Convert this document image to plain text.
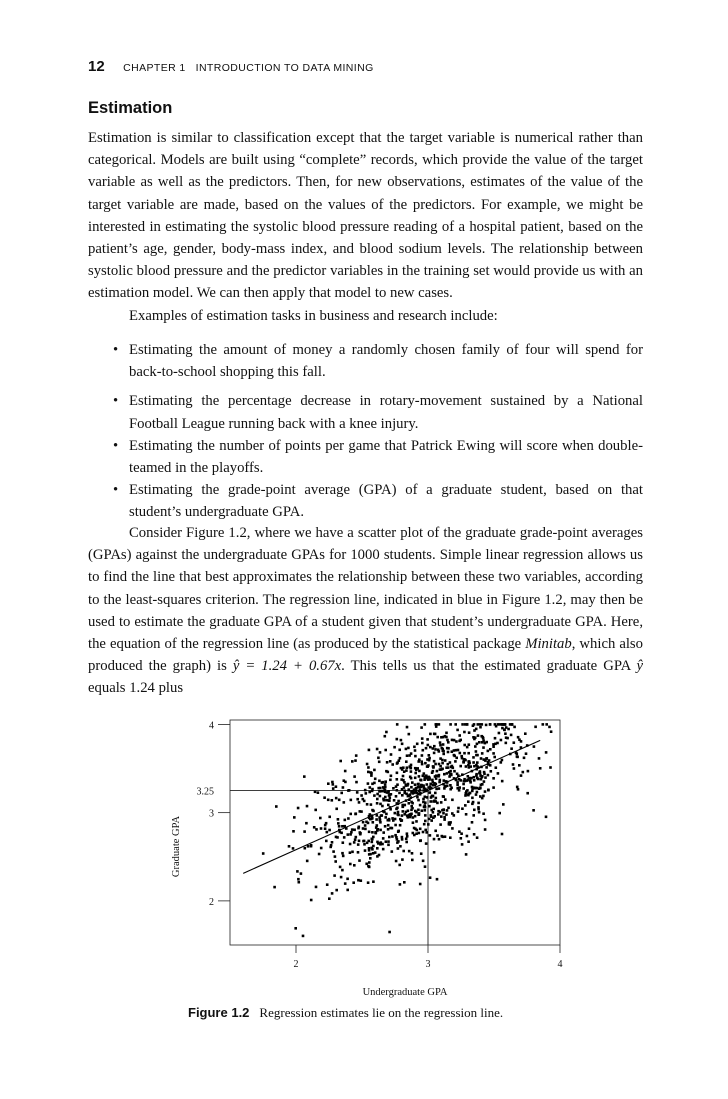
12 CHAPTER 1   INTRODUCTION TO DATA MINING
Estimation

Estimation is similar to classification except that the target variable is numerical rather than categorical. Models are built using “complete” records, which provide the value of the target variable as well as the predictors. Then, for new observations, estimates of the value of the target variable are made, based on the values of the predictors. For example, we might be interested in estimating the systolic blood pressure reading of a hospital patient, based on the patient’s age, gender, body-mass index, and blood sodium levels. The relationship between systolic blood pressure and the predictor variables in the training set would provide us with an estimation model. We can then apply that model to new cases.

Examples of estimation tasks in business and research include:

• Estimating the amount of money a randomly chosen family of four will spend for back-to-school shopping this fall.
• Estimating the percentage decrease in rotary-movement sustained by a National Football League running back with a knee injury.
• Estimating the number of points per game that Patrick Ewing will score when double-teamed in the playoffs.
• Estimating the grade-point average (GPA) of a graduate student, based on that student’s undergraduate GPA.

Consider Figure 1.2, where we have a scatter plot of the graduate grade-point averages (GPAs) against the undergraduate GPAs for 1000 students. Simple linear regression allows us to find the line that best approximates the relationship between these two variables, according to the least-squares criterion. The regression line, indicated in blue in Figure 1.2, may then be used to estimate the graduate GPA of a student given that student’s undergraduate GPA. Here, the equation of the regression line (as produced by the statistical package Minitab, which also produced the graph) is ŷ = 1.24 + 0.67x. This tells us that the estimated graduate GPA ŷ equals 1.24 plus

2
3
4
3.25
2	3	4
Undergraduate GPA
Graduate GPA
Figure 1.2 Regression estimates lie on the regression line.
